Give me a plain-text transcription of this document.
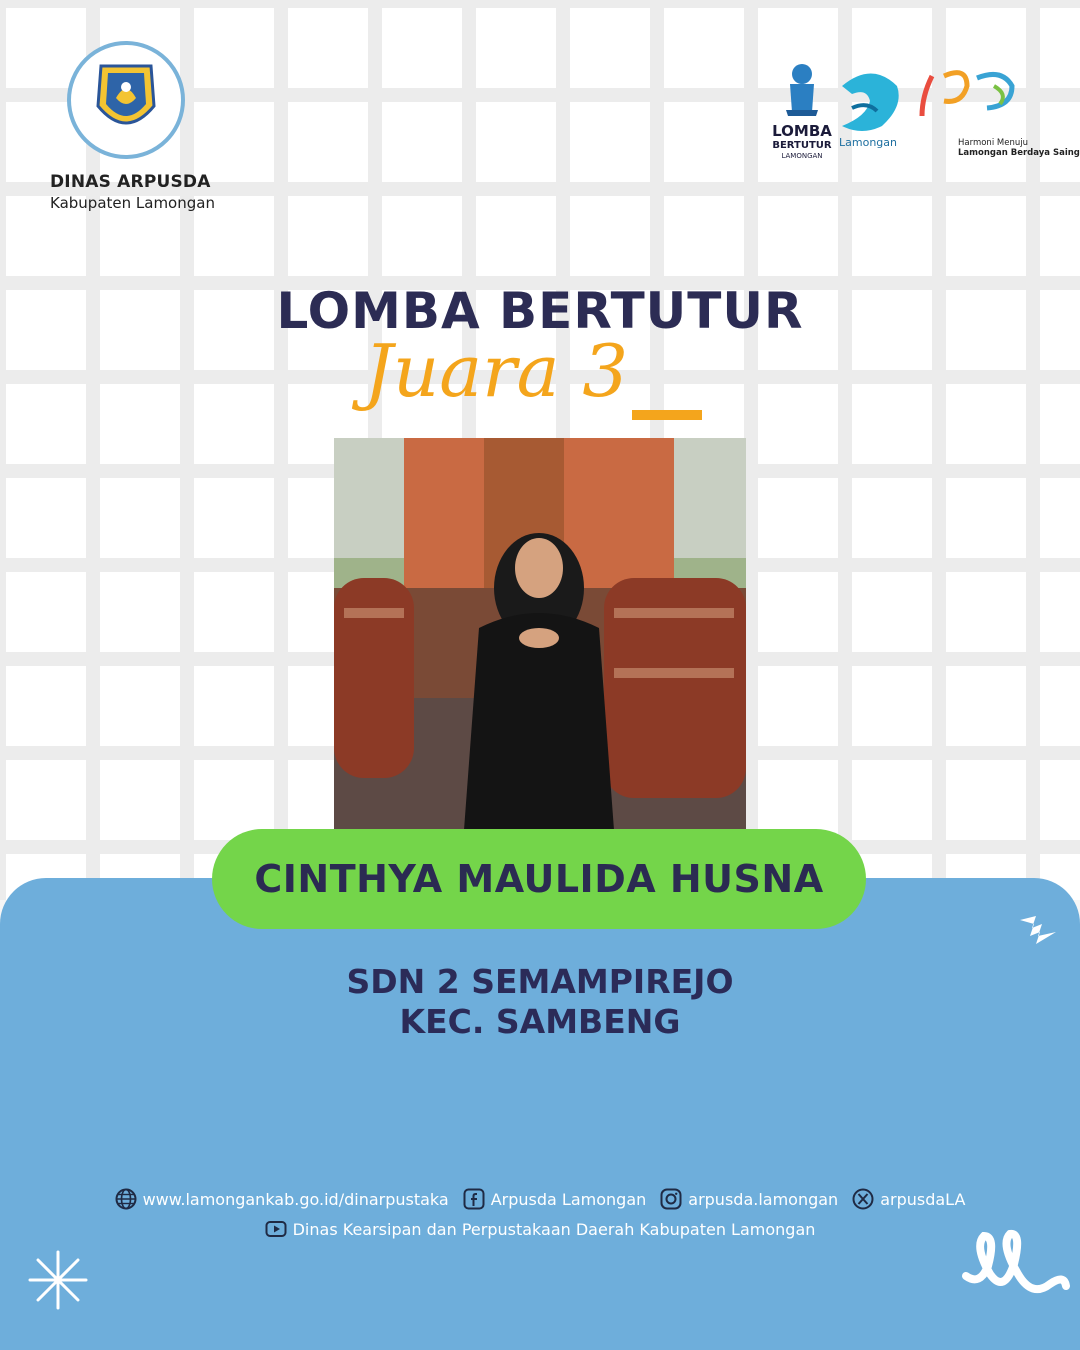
DINAS ARPUSDA
Kabupaten Lamongan
LOMBA
BERTUTUR
LAMONGAN
Lamongan	Harmoni Menuju
Lamongan Berdaya Saing
LOMBA BERTUTUR
Juara 3
CINTHYA MAULIDA HUSNA
SDN 2 SEMAMPIREJO
KEC. SAMBENG
www.lamongankab.go.id/dinarpustaka	Arpusda Lamongan	arpusda.lamongan	arpusdaLA
Dinas Kearsipan dan Perpustakaan Daerah Kabupaten Lamongan
